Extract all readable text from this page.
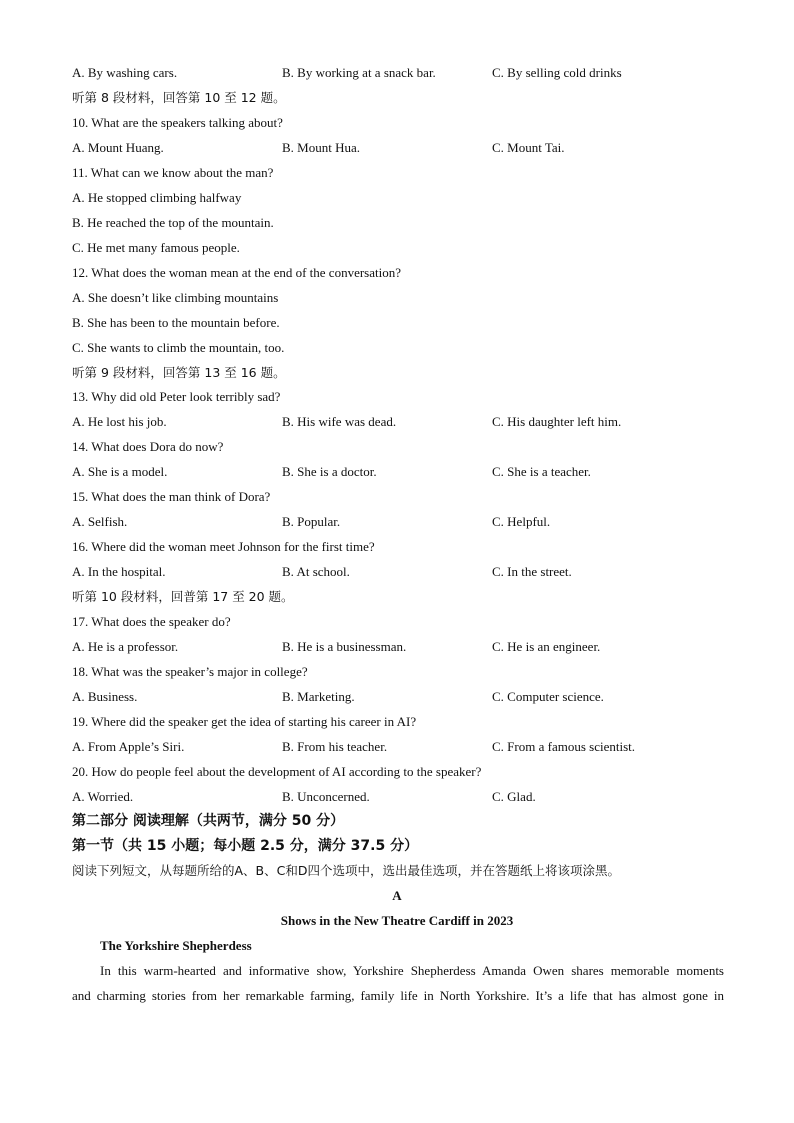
A. By washing cars.	B. By working at a snack bar.	C. By selling cold drinks
听第 8 段材料，回答第 10 至 12 题。
10. What are the speakers talking about?
A. Mount Huang.	B. Mount Hua.	C. Mount Tai.
11. What can we know about the man?
A. He stopped climbing halfway
B. He reached the top of the mountain.
C. He met many famous people.
12. What does the woman mean at the end of the conversation?
A. She doesn’t like climbing mountains
B. She has been to the mountain before.
C. She wants to climb the mountain, too.
听第 9 段材料，回答第 13 至 16 题。
13. Why did old Peter look terribly sad?
A. He lost his job.	B. His wife was dead.	C. His daughter left him.
14. What does Dora do now?
A. She is a model.	B. She is a doctor.	C. She is a teacher.
15. What does the man think of Dora?
A. Selfish.	B. Popular.	C. Helpful.
16. Where did the woman meet Johnson for the first time?
A. In the hospital.	B. At school.	C. In the street.
听第 10 段材料，回普第 17 至 20 题。
17. What does the speaker do?
A. He is a professor.	B. He is a businessman.	C. He is an engineer.
18. What was the speaker’s major in college?
A. Business.	B. Marketing.	C. Computer science.
19. Where did the speaker get the idea of starting his career in AI?
A. From Apple’s Siri.	B. From his teacher.	C. From a famous scientist.
20. How do people feel about the development of AI according to the speaker?
A. Worried.	B. Unconcerned.	C. Glad.
第二部分 阅读理解（共两节，满分 50 分）
第一节（共 15 小题；每小题 2.5 分，满分 37.5 分）
阅读下列短文，从每题所给的A、B、C和D四个选项中，选出最佳选项，并在答题纸上将该项涂黑。
A
Shows in the New Theatre Cardiff in 2023
The Yorkshire Shepherdess
In this warm-hearted and informative show, Yorkshire Shepherdess Amanda Owen shares memorable moments
and charming stories from her remarkable farming, family life in North Yorkshire. It’s a life that has almost gone in
